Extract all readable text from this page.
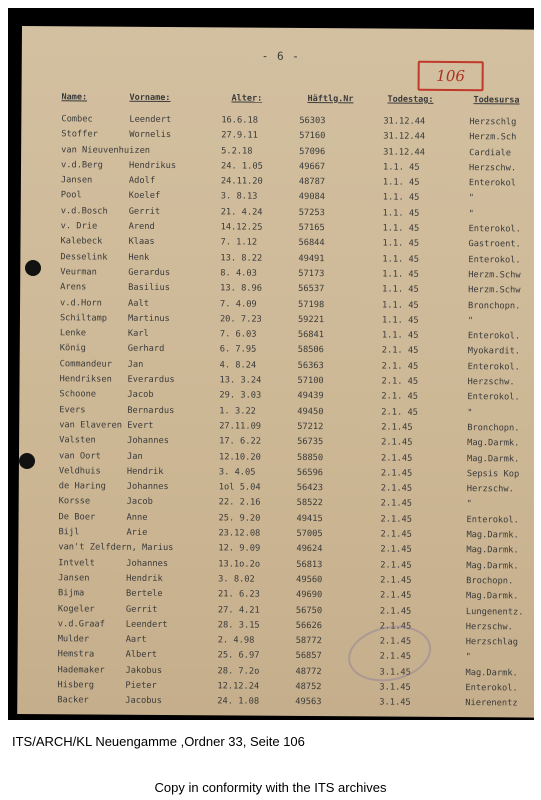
- 6 -
106
Name:	Vorname:	Alter:	Häftlg.Nr	Todestag:	Todesursa
Combec	Leendert	16.6.18	56303	31.12.44	Herzschlg
Stoffer	Wornelis	27.9.11	57160	31.12.44	Herzm.Sch
van Nieuvenhuizen	5.2.18	57096	31.12.44	Cardiale
v.d.Berg	Hendrikus	24. 1.05	49667	1.1. 45	Herzschw.
Jansen	Adolf	24.11.20	48787	1.1. 45	Enterokol
Pool	Koelef	3. 8.13	49084	1.1. 45	"
v.d.Bosch	Gerrit	21. 4.24	57253	1.1. 45	"
v. Drie	Arend	14.12.25	57165	1.1. 45	Enterokol.
Kalebeck	Klaas	7. 1.12	56844	1.1. 45	Gastroent.
Desselink	Henk	13. 8.22	49491	1.1. 45	Enterokol.
Veurman	Gerardus	8. 4.03	57173	1.1. 45	Herzm.Schw
Arens	Basilius	13. 8.96	56537	1.1. 45	Herzm.Schw
v.d.Horn	Aalt	7. 4.09	57198	1.1. 45	Bronchopn.
Schiltamp	Martinus	20. 7.23	59221	1.1. 45	"
Lenke	Karl	7. 6.03	56841	1.1. 45	Enterokol.
König	Gerhard	6. 7.95	58506	2.1. 45	Myokardit.
Commandeur	Jan	4. 8.24	56363	2.1. 45	Enterokol.
Hendriksen	Everardus	13. 3.24	57100	2.1. 45	Herzschw.
Schoone	Jacob	29. 3.03	49439	2.1. 45	Enterokol.
Evers	Bernardus	1. 3.22	49450	2.1. 45	"
van Elaveren Evert	27.11.09	57212	2.1.45	Bronchopn.
Valsten	Johannes	17. 6.22	56735	2.1.45	Mag.Darmk.
van Oort	Jan	12.10.20	58850	2.1.45	Mag.Darmk.
Veldhuis	Hendrik	3. 4.05	56596	2.1.45	Sepsis Kop
de Haring	Johannes	1ol 5.04	56423	2.1.45	Herzschw.
Korsse	Jacob	22. 2.16	58522	2.1.45	"
De Boer	Anne	25. 9.20	49415	2.1.45	Enterokol.
Bijl	Arie	23.12.08	57005	2.1.45	Mag.Darmk.
van't Zelfdern, Marius	12. 9.09	49624	2.1.45	Mag.Darmk.
Intvelt	Johannes	13.1o.2o	56813	2.1.45	Mag.Darmk.
Jansen	Hendrik	3. 8.02	49560	2.1.45	Brochopn.
Bijma	Bertele	21. 6.23	49690	2.1.45	Mag.Darmk.
Kogeler	Gerrit	27. 4.21	56750	2.1.45	Lungenentz.
v.d.Graaf	Leendert	28. 3.15	56626	2.1.45	Herzschw.
Mulder	Aart	2. 4.98	58772	2.1.45	Herzschlag
Hemstra	Albert	25. 6.97	56857	2.1.45	"
Hademaker	Jakobus	28. 7.2o	48772	3.1.45	Mag.Darmk.
Hisberg	Pieter	12.12.24	48752	3.1.45	Enterokol.
Backer	Jacobus	24. 1.08	49563	3.1.45	Nierenentz
ITS/ARCH/KL Neuengamme ,Ordner 33, Seite 106
Copy in conformity with the ITS archives
